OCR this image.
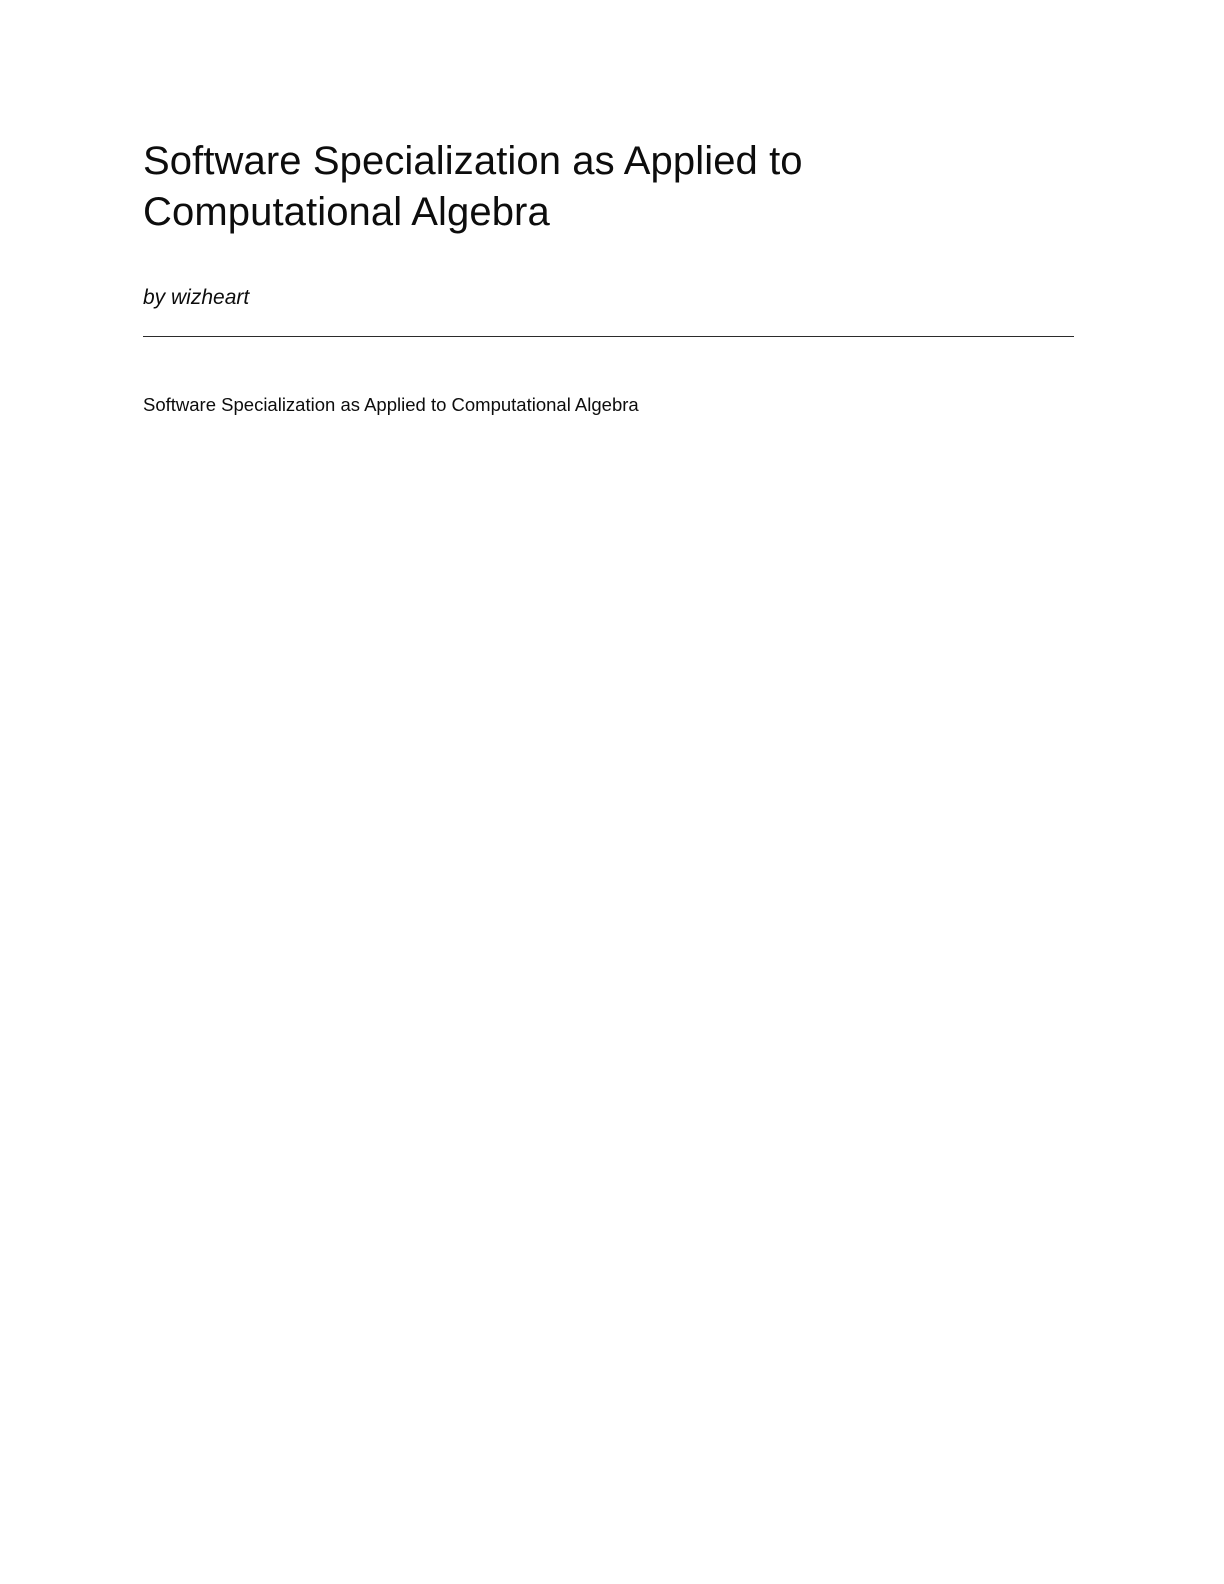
Software Specialization as Applied to Computational Algebra

by wizheart

Software Specialization as Applied to Computational Algebra
